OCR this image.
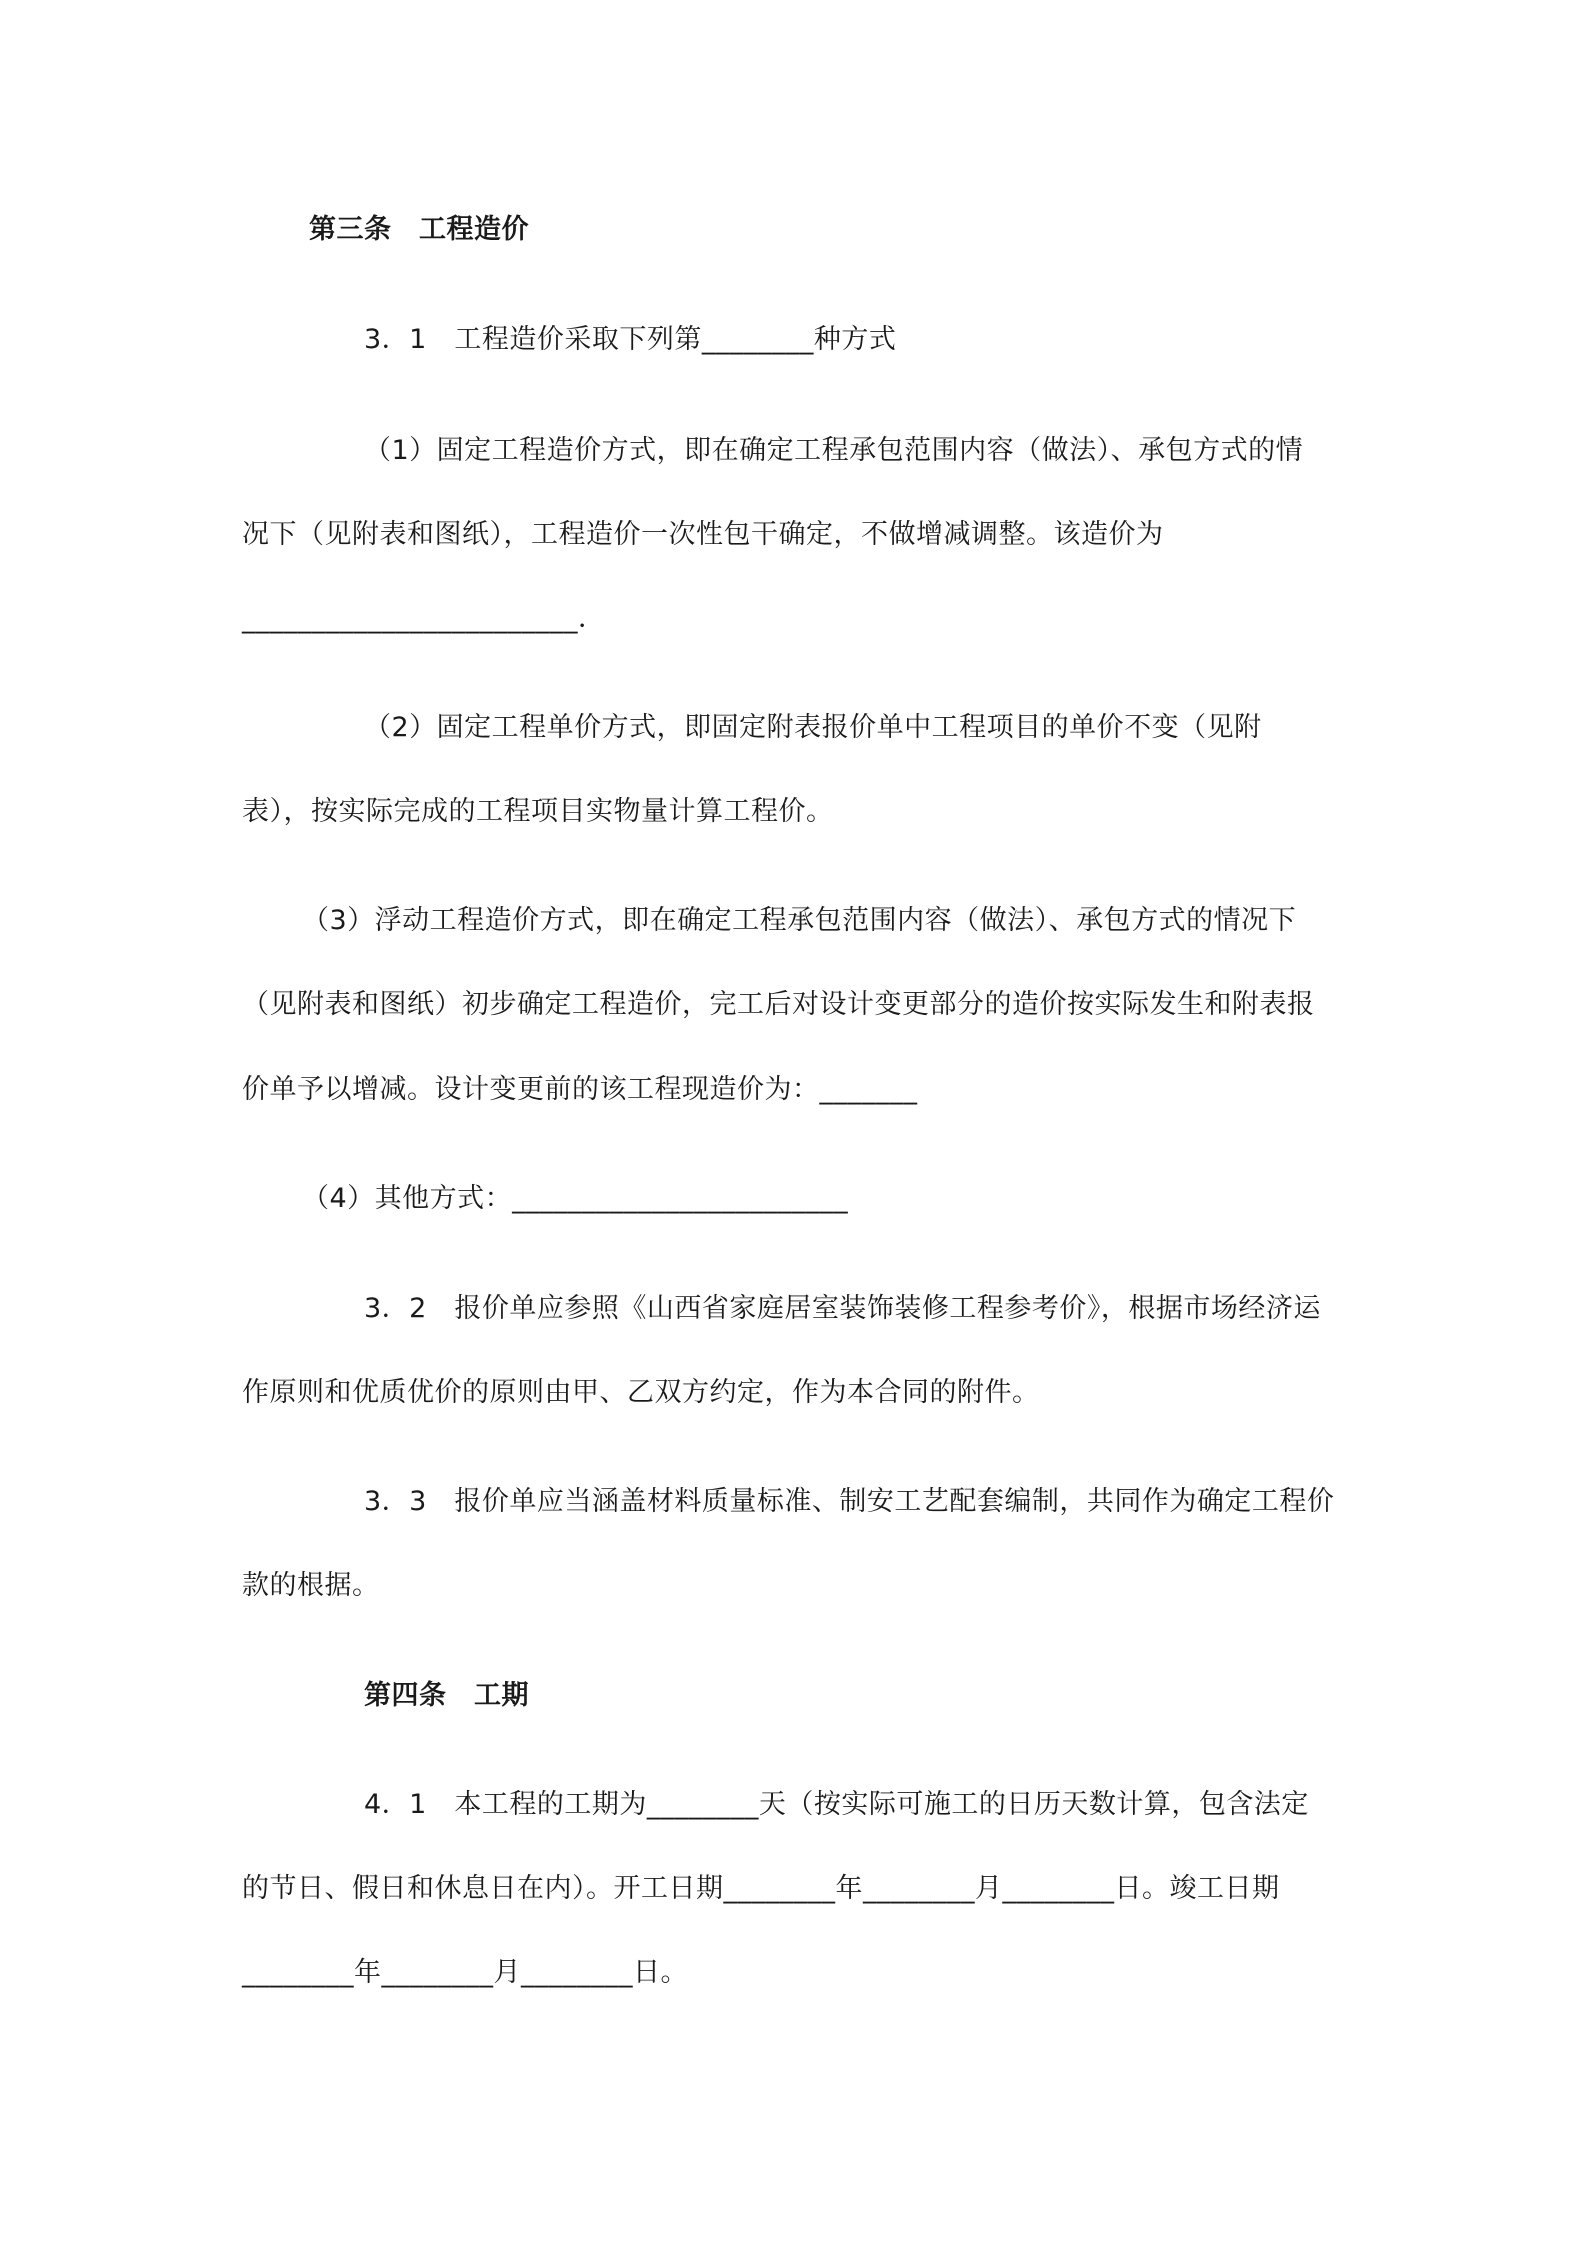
第三条　工程造价
3．1　工程造价采取下列第________种方式
（1）固定工程造价方式，即在确定工程承包范围内容（做法）、承包方式的情
况下（见附表和图纸），工程造价一次性包干确定，不做增减调整。该造价为
________________________．
（2）固定工程单价方式，即固定附表报价单中工程项目的单价不变（见附
表），按实际完成的工程项目实物量计算工程价。
（3）浮动工程造价方式，即在确定工程承包范围内容（做法）、承包方式的情况下
（见附表和图纸）初步确定工程造价，完工后对设计变更部分的造价按实际发生和附表报
价单予以增减。设计变更前的该工程现造价为：_______
（4）其他方式：________________________
3．2　报价单应参照《山西省家庭居室装饰装修工程参考价》，根据市场经济运
作原则和优质优价的原则由甲、乙双方约定，作为本合同的附件。
3．3　报价单应当涵盖材料质量标准、制安工艺配套编制，共同作为确定工程价
款的根据。
第四条　工期
4．1　本工程的工期为________天（按实际可施工的日历天数计算，包含法定
的节日、假日和休息日在内）。开工日期________年________月________日。竣工日期
________年________月________日。
